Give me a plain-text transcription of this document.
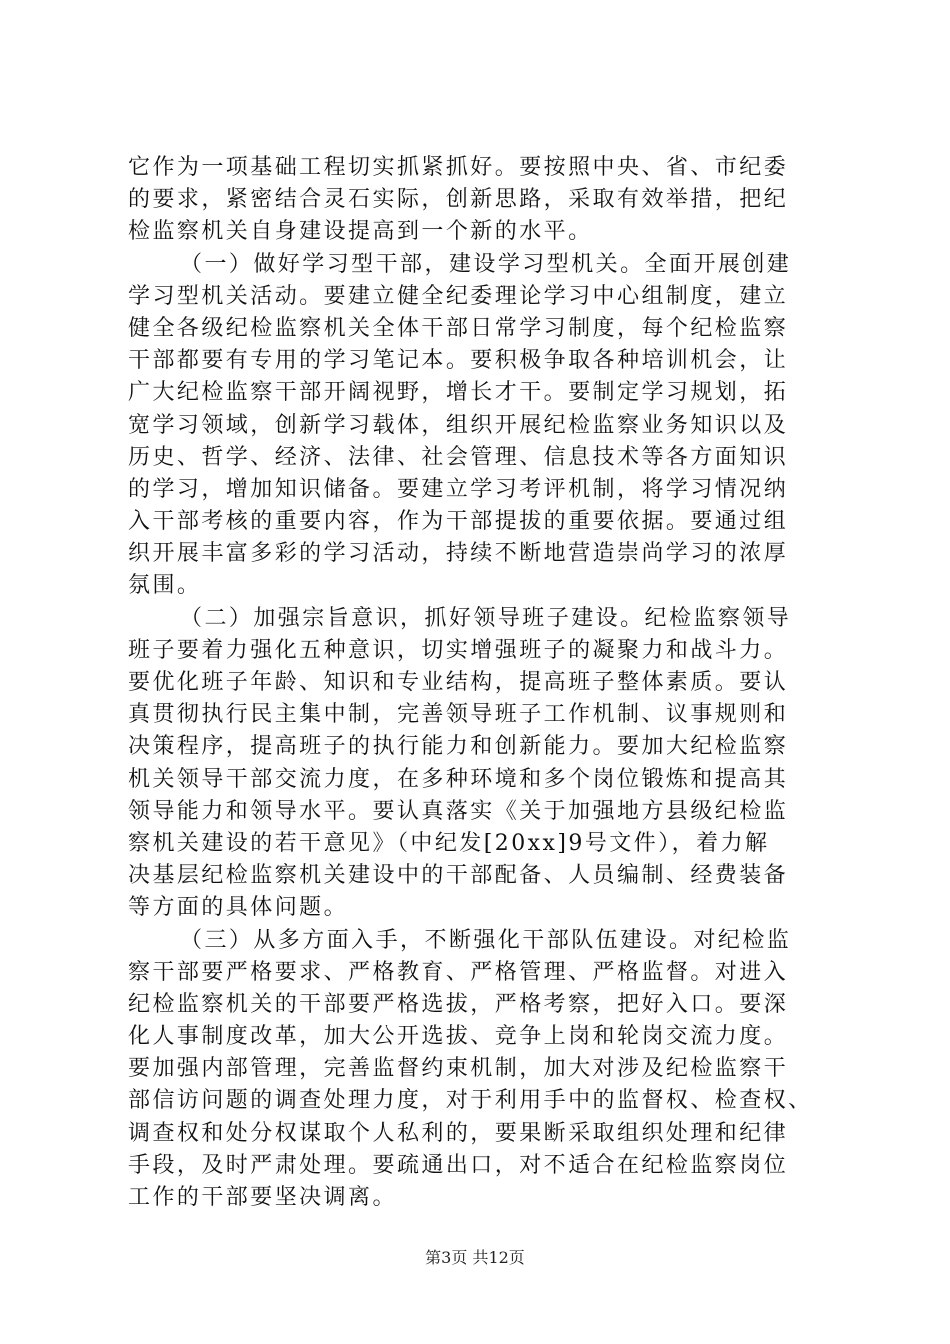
它作为一项基础工程切实抓紧抓好。要按照中央、省、市纪委
的要求，紧密结合灵石实际，创新思路，采取有效举措，把纪
检监察机关自身建设提高到一个新的水平。
（一）做好学习型干部，建设学习型机关。全面开展创建
学习型机关活动。要建立健全纪委理论学习中心组制度，建立
健全各级纪检监察机关全体干部日常学习制度，每个纪检监察
干部都要有专用的学习笔记本。要积极争取各种培训机会，让
广大纪检监察干部开阔视野，增长才干。要制定学习规划，拓
宽学习领域，创新学习载体，组织开展纪检监察业务知识以及
历史、哲学、经济、法律、社会管理、信息技术等各方面知识
的学习，增加知识储备。要建立学习考评机制，将学习情况纳
入干部考核的重要内容，作为干部提拔的重要依据。要通过组
织开展丰富多彩的学习活动，持续不断地营造崇尚学习的浓厚
氛围。
（二）加强宗旨意识，抓好领导班子建设。纪检监察领导
班子要着力强化五种意识，切实增强班子的凝聚力和战斗力。
要优化班子年龄、知识和专业结构，提高班子整体素质。要认
真贯彻执行民主集中制，完善领导班子工作机制、议事规则和
决策程序，提高班子的执行能力和创新能力。要加大纪检监察
机关领导干部交流力度，在多种环境和多个岗位锻炼和提高其
领导能力和领导水平。要认真落实《关于加强地方县级纪检监
察机关建设的若干意见》（中纪发[20xx]9号文件），着力解
决基层纪检监察机关建设中的干部配备、人员编制、经费装备
等方面的具体问题。
（三）从多方面入手，不断强化干部队伍建设。对纪检监
察干部要严格要求、严格教育、严格管理、严格监督。对进入
纪检监察机关的干部要严格选拔，严格考察，把好入口。要深
化人事制度改革，加大公开选拔、竞争上岗和轮岗交流力度。
要加强内部管理，完善监督约束机制，加大对涉及纪检监察干
部信访问题的调查处理力度，对于利用手中的监督权、检查权、
调查权和处分权谋取个人私利的，要果断采取组织处理和纪律
手段，及时严肃处理。要疏通出口，对不适合在纪检监察岗位
工作的干部要坚决调离。
第3页 共12页
